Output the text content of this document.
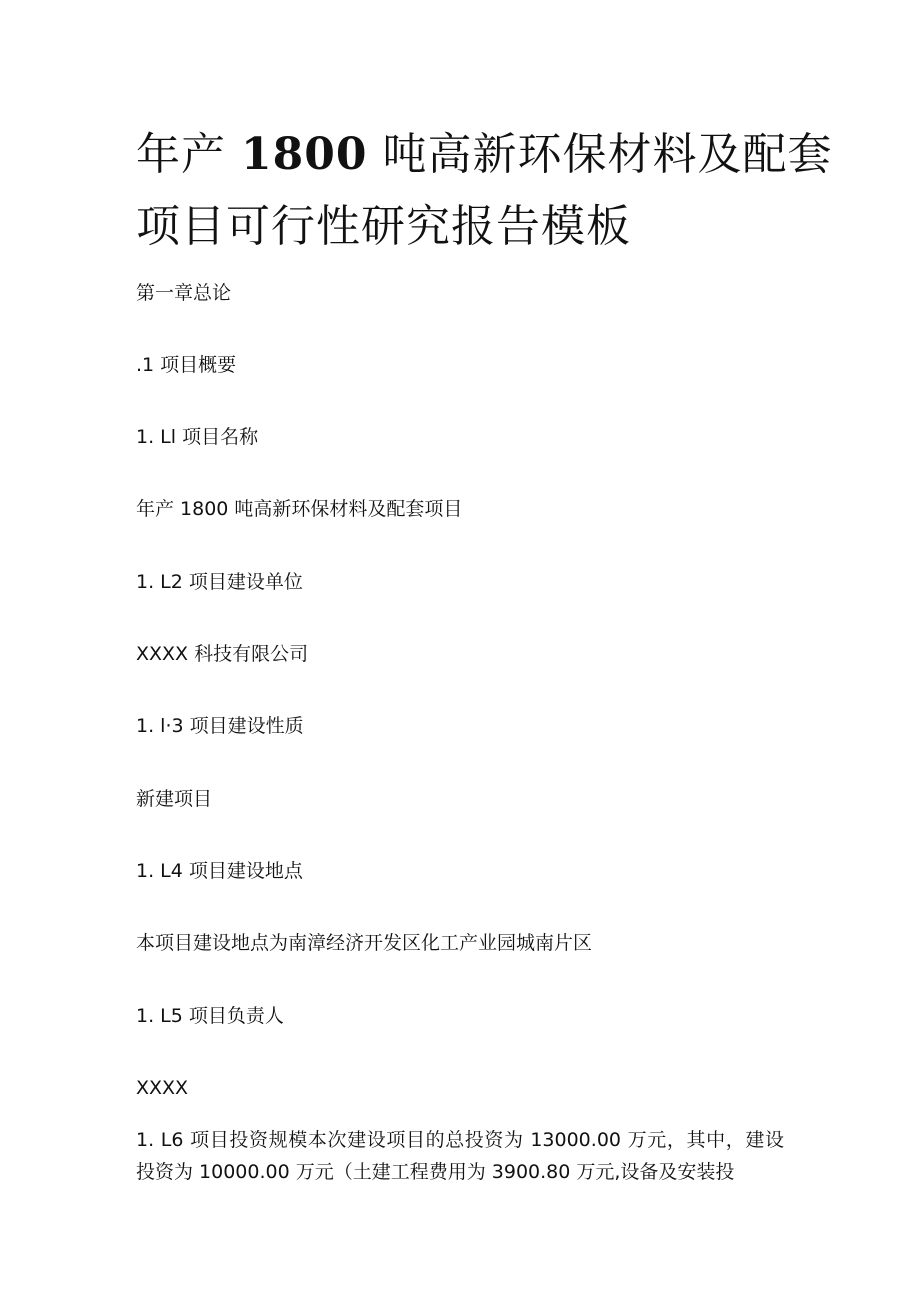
年产 1800 吨高新环保材料及配套
项目可行性研究报告模板

第一章总论

.1 项目概要

1. Ll 项目名称

年产 1800 吨高新环保材料及配套项目

1. L2 项目建设单位

XXXX 科技有限公司

1. l·3 项目建设性质

新建项目

1. L4 项目建设地点

本项目建设地点为南漳经济开发区化工产业园城南片区

1. L5 项目负责人

XXXX

1. L6 项目投资规模本次建设项目的总投资为 13000.00 万元，其中，建设投资为 10000.00 万元（土建工程费用为 3900.80 万元,设备及安装投
